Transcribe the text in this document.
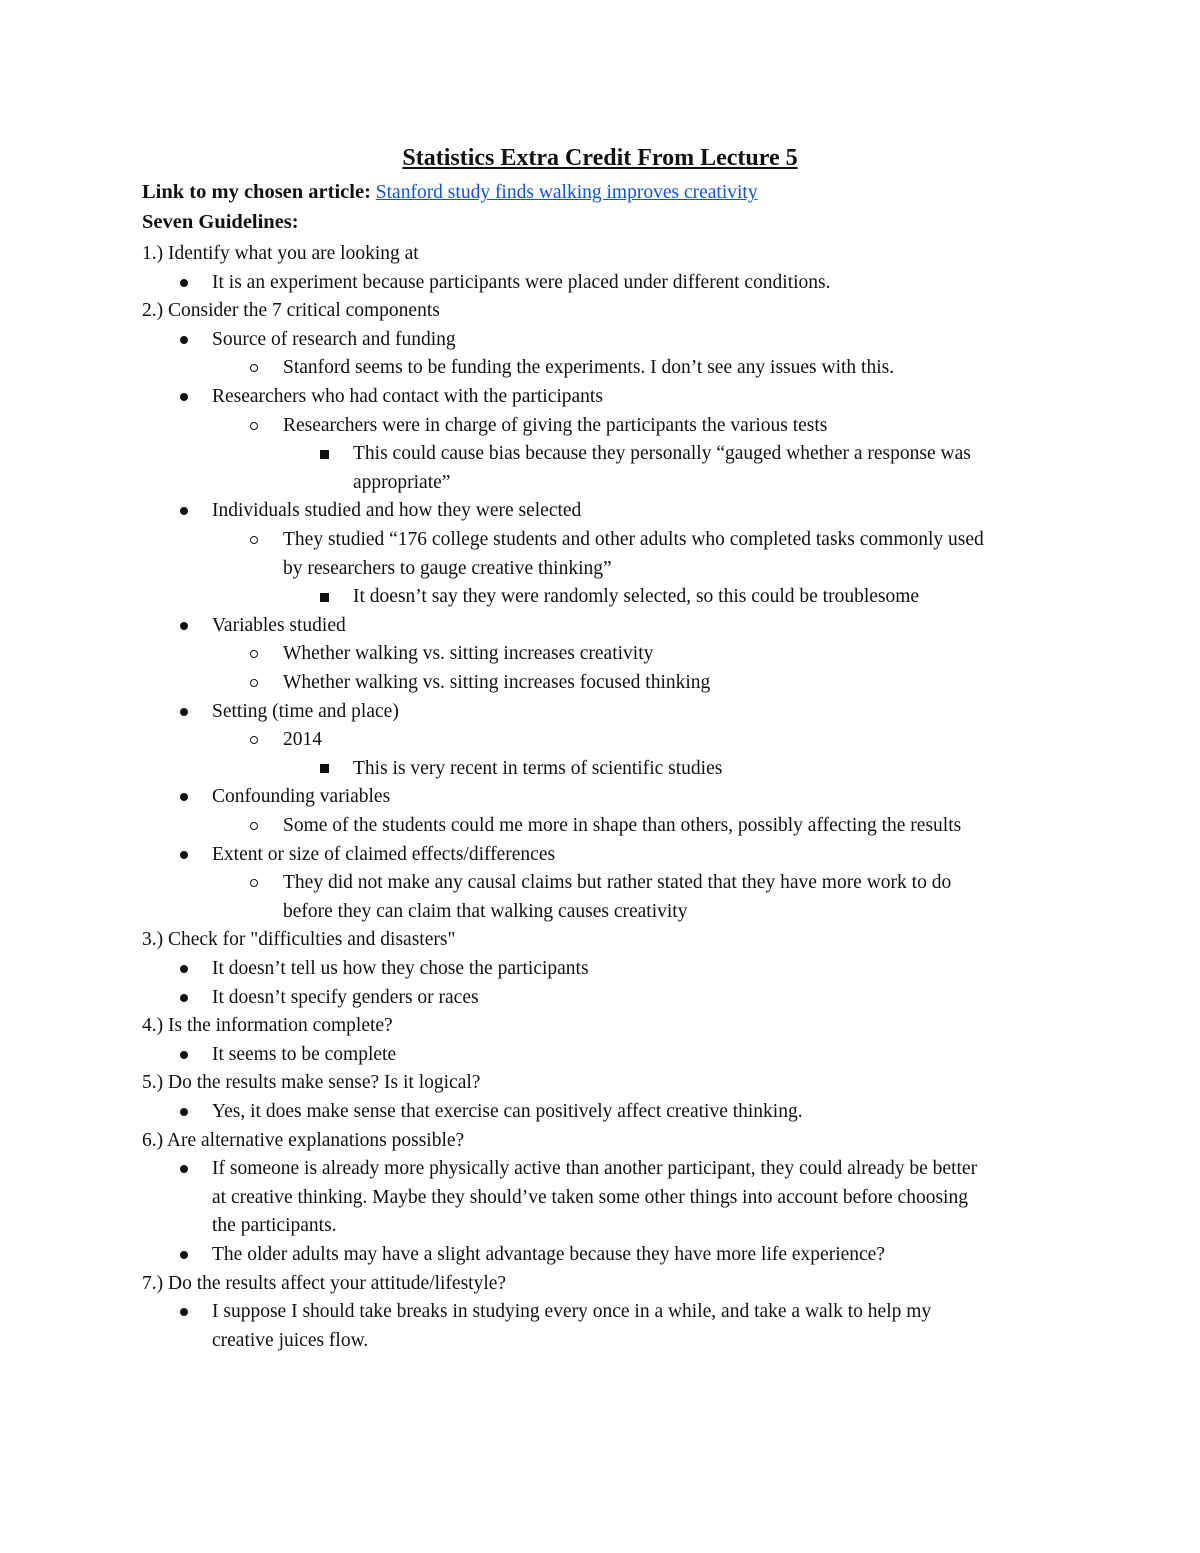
Statistics Extra Credit From Lecture 5
Link to my chosen article: Stanford study finds walking improves creativity
Seven Guidelines:
1.) Identify what you are looking at
It is an experiment because participants were placed under different conditions.
2.) Consider the 7 critical components
Source of research and funding
Stanford seems to be funding the experiments. I don’t see any issues with this.
Researchers who had contact with the participants
Researchers were in charge of giving the participants the various tests
This could cause bias because they personally “gauged whether a response was
appropriate”
Individuals studied and how they were selected
They studied “176 college students and other adults who completed tasks commonly used
by researchers to gauge creative thinking”
It doesn’t say they were randomly selected, so this could be troublesome
Variables studied
Whether walking vs. sitting increases creativity
Whether walking vs. sitting increases focused thinking
Setting (time and place)
2014
This is very recent in terms of scientific studies
Confounding variables
Some of the students could me more in shape than others, possibly affecting the results
Extent or size of claimed effects/differences
They did not make any causal claims but rather stated that they have more work to do
before they can claim that walking causes creativity
3.) Check for "difficulties and disasters"
It doesn’t tell us how they chose the participants
It doesn’t specify genders or races
4.) Is the information complete?
It seems to be complete
5.) Do the results make sense? Is it logical?
Yes, it does make sense that exercise can positively affect creative thinking.
6.) Are alternative explanations possible?
If someone is already more physically active than another participant, they could already be better
at creative thinking. Maybe they should’ve taken some other things into account before choosing
the participants.
The older adults may have a slight advantage because they have more life experience?
7.) Do the results affect your attitude/lifestyle?
I suppose I should take breaks in studying every once in a while, and take a walk to help my
creative juices flow.
